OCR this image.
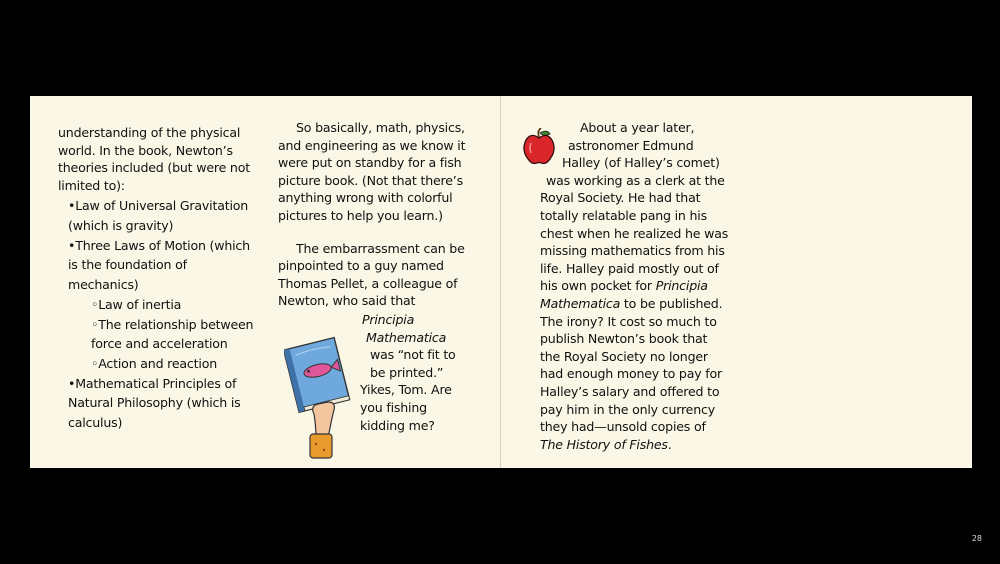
understanding of the physical world. In the book, Newton’s theories included (but were not limited to):

•Law of Universal Gravitation (which is gravity)
•Three Laws of Motion (which is the foundation of mechanics)
◦Law of inertia
◦The relationship between force and acceleration
◦Action and reaction
•Mathematical Principles of Natural Philosophy (which is calculus)

So basically, math, physics, and engineering as we know it were put on standby for a fish picture book. (Not that there’s anything wrong with colorful pictures to help you learn.)

The embarrassment can be
pinpointed to a guy named
Thomas Pellet, a colleague of
Newton, who said that
Principia
Mathematica
was “not fit to
be printed.”
Yikes, Tom. Are
you fishing
kidding me?
About a year later,
astronomer Edmund
Halley (of Halley’s comet)
was working as a clerk at the
Royal Society. He had that
totally relatable pang in his
chest when he realized he was
missing mathematics from his
life. Halley paid mostly out of
his own pocket for Principia
Mathematica to be published.
The irony? It cost so much to
publish Newton’s book that
the Royal Society no longer
had enough money to pay for
Halley’s salary and offered to
pay him in the only currency
they had—unsold copies of
The History of Fishes.
28
